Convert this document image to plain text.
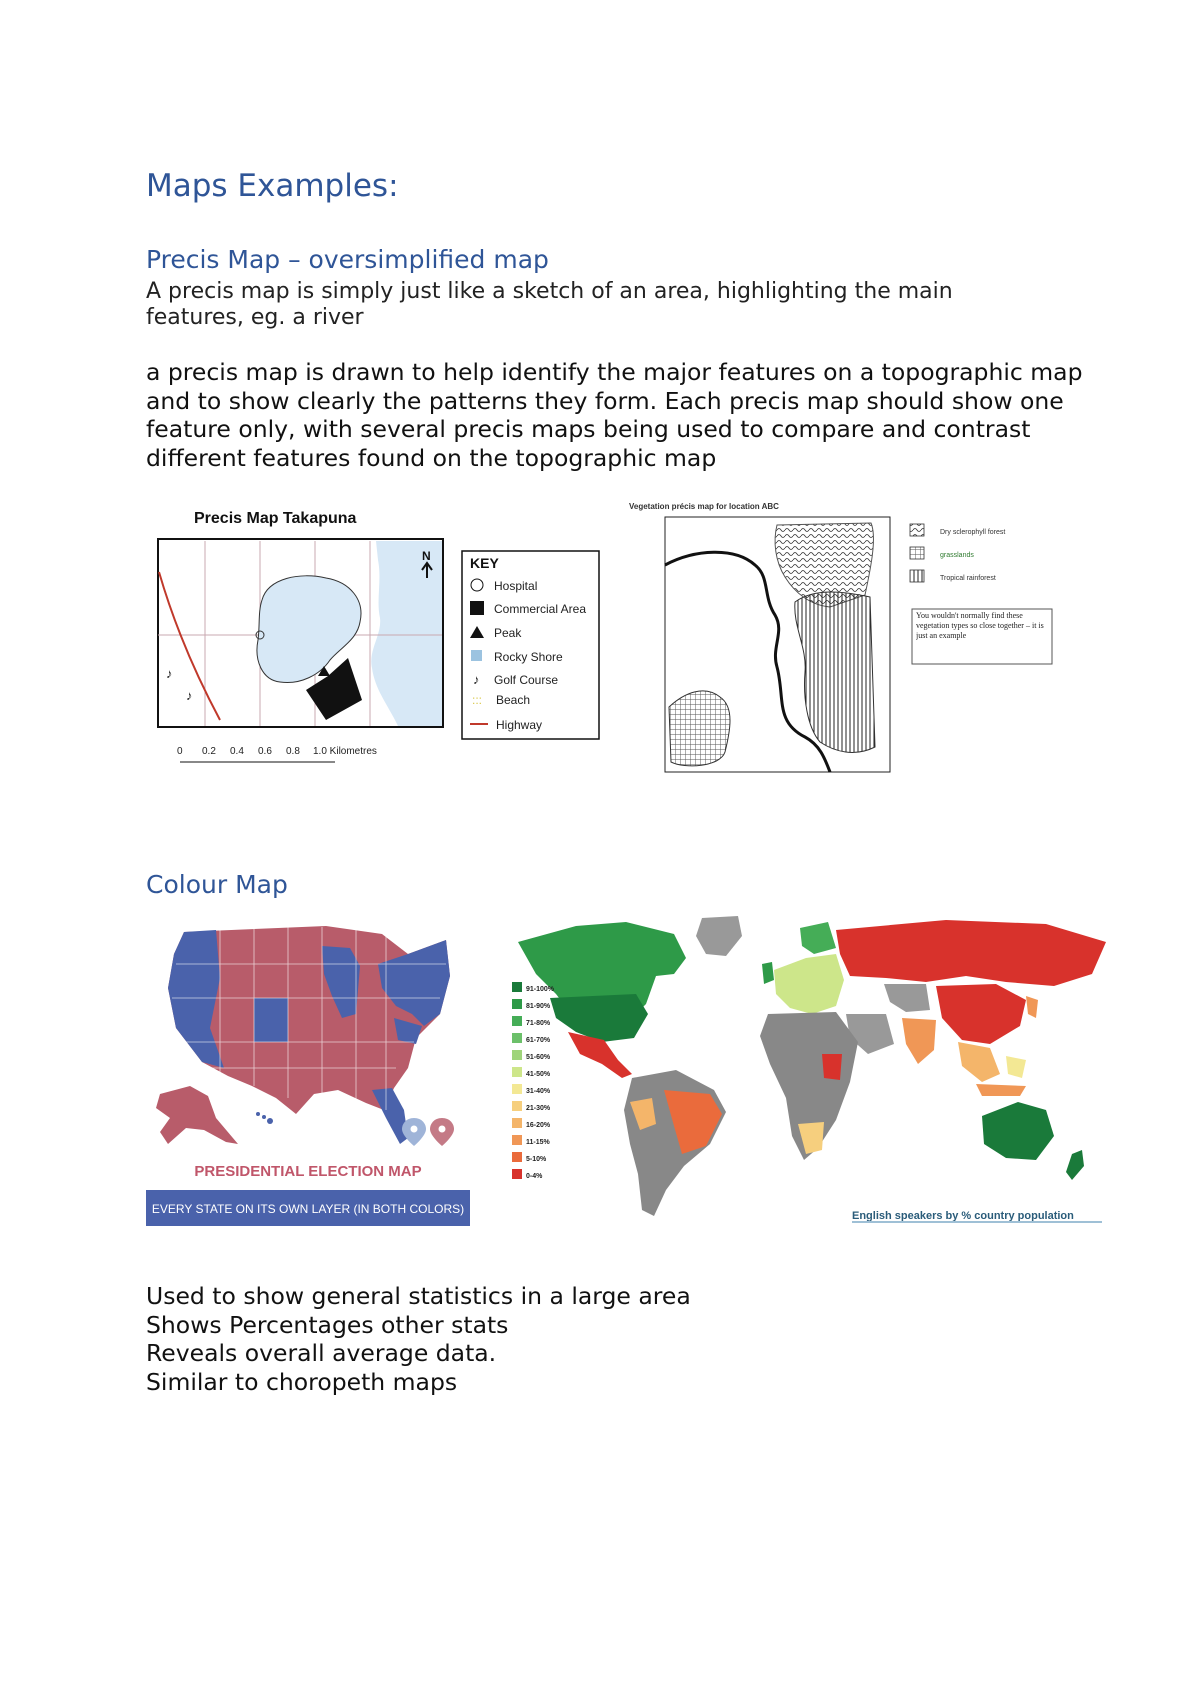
Maps Examples:
Precis Map – oversimplified map

A precis map is simply just like a sketch of an area, highlighting the main features, eg. a river

a precis map is drawn to help identify the major features on a topographic map and to show clearly the patterns they form. Each precis map should show one feature only, with several precis maps being used to compare and contrast different features found on the topographic map

Precis Map Takapuna
♪
♪
N	KEY
Hospital
Commercial Area
Peak
Rocky Shore
♪ Golf Course
::: Beach
Highway
0 0.2 0.4 0.6 0.8 1.0 Kilometres
Vegetation précis map for location ABC
Dry sclerophyll forest
grasslands
Tropical rainforest
You wouldn't normally find these vegetation types so close together – it is just an example
Colour Map
PRESIDENTIAL ELECTION MAP
EVERY STATE ON ITS OWN LAYER (IN BOTH COLORS)
91-100%
81-90%
71-80%
61-70%
51-60%
41-50%
31-40%
21-30%
16-20%
11-15%
5-10%
0-4%
English speakers by % country population
Used to show general statistics in a large area
Shows Percentages other stats
Reveals overall average data.
Similar to choropeth maps
